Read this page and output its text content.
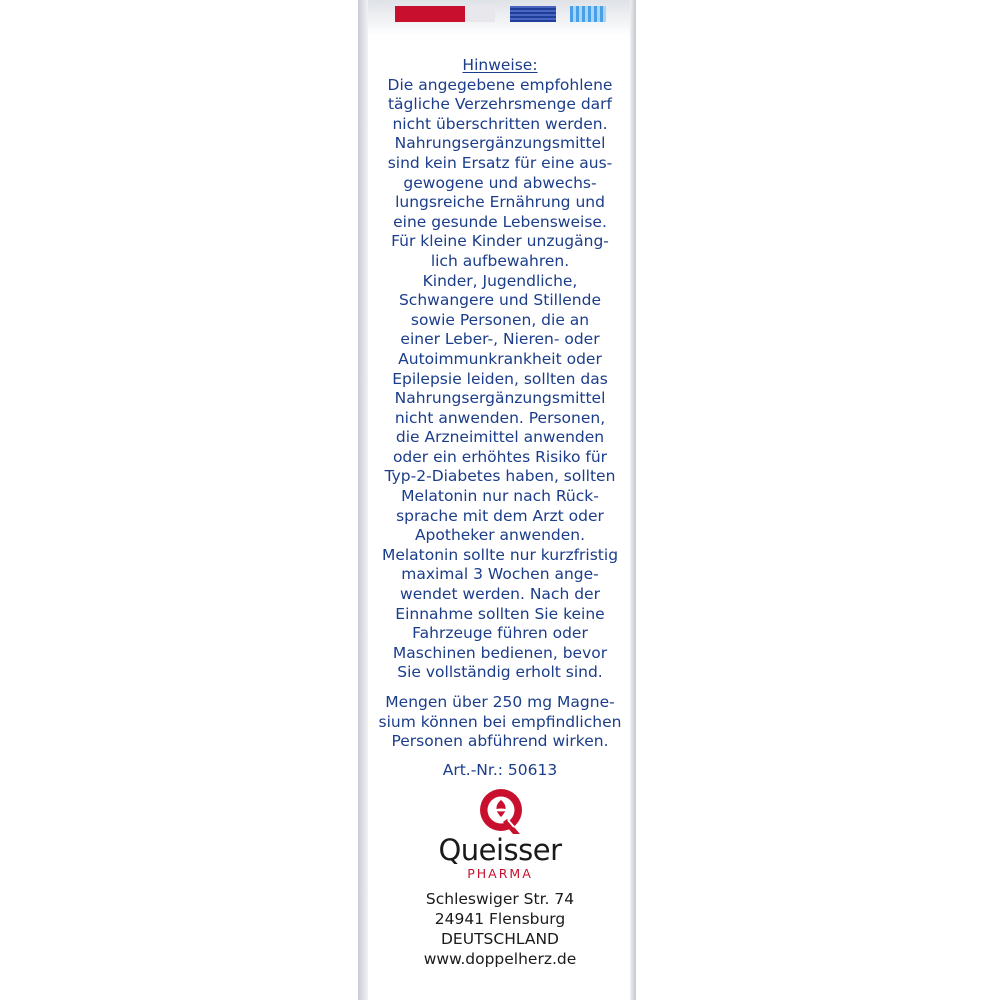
Hinweise:
Die angegebene empfohlene
tägliche Verzehrsmenge darf
nicht überschritten werden.
Nahrungsergänzungsmittel
sind kein Ersatz für eine aus-
gewogene und abwechs-
lungsreiche Ernährung und
eine gesunde Lebensweise.
Für kleine Kinder unzugäng-
lich aufbewahren.
Kinder, Jugendliche,
Schwangere und Stillende
sowie Personen, die an
einer Leber-, Nieren- oder
Autoimmunkrankheit oder
Epilepsie leiden, sollten das
Nahrungsergänzungsmittel
nicht anwenden. Personen,
die Arzneimittel anwenden
oder ein erhöhtes Risiko für
Typ-2-Diabetes haben, sollten
Melatonin nur nach Rück-
sprache mit dem Arzt oder
Apotheker anwenden.
Melatonin sollte nur kurzfristig
maximal 3 Wochen ange-
wendet werden. Nach der
Einnahme sollten Sie keine
Fahrzeuge führen oder
Maschinen bedienen, bevor
Sie vollständig erholt sind.
Mengen über 250 mg Magne-
sium können bei empfindlichen
Personen abführend wirken.
Art.-Nr.: 50613
Queisser
PHARMA
Schleswiger Str. 74
24941 Flensburg
DEUTSCHLAND
www.doppelherz.de
